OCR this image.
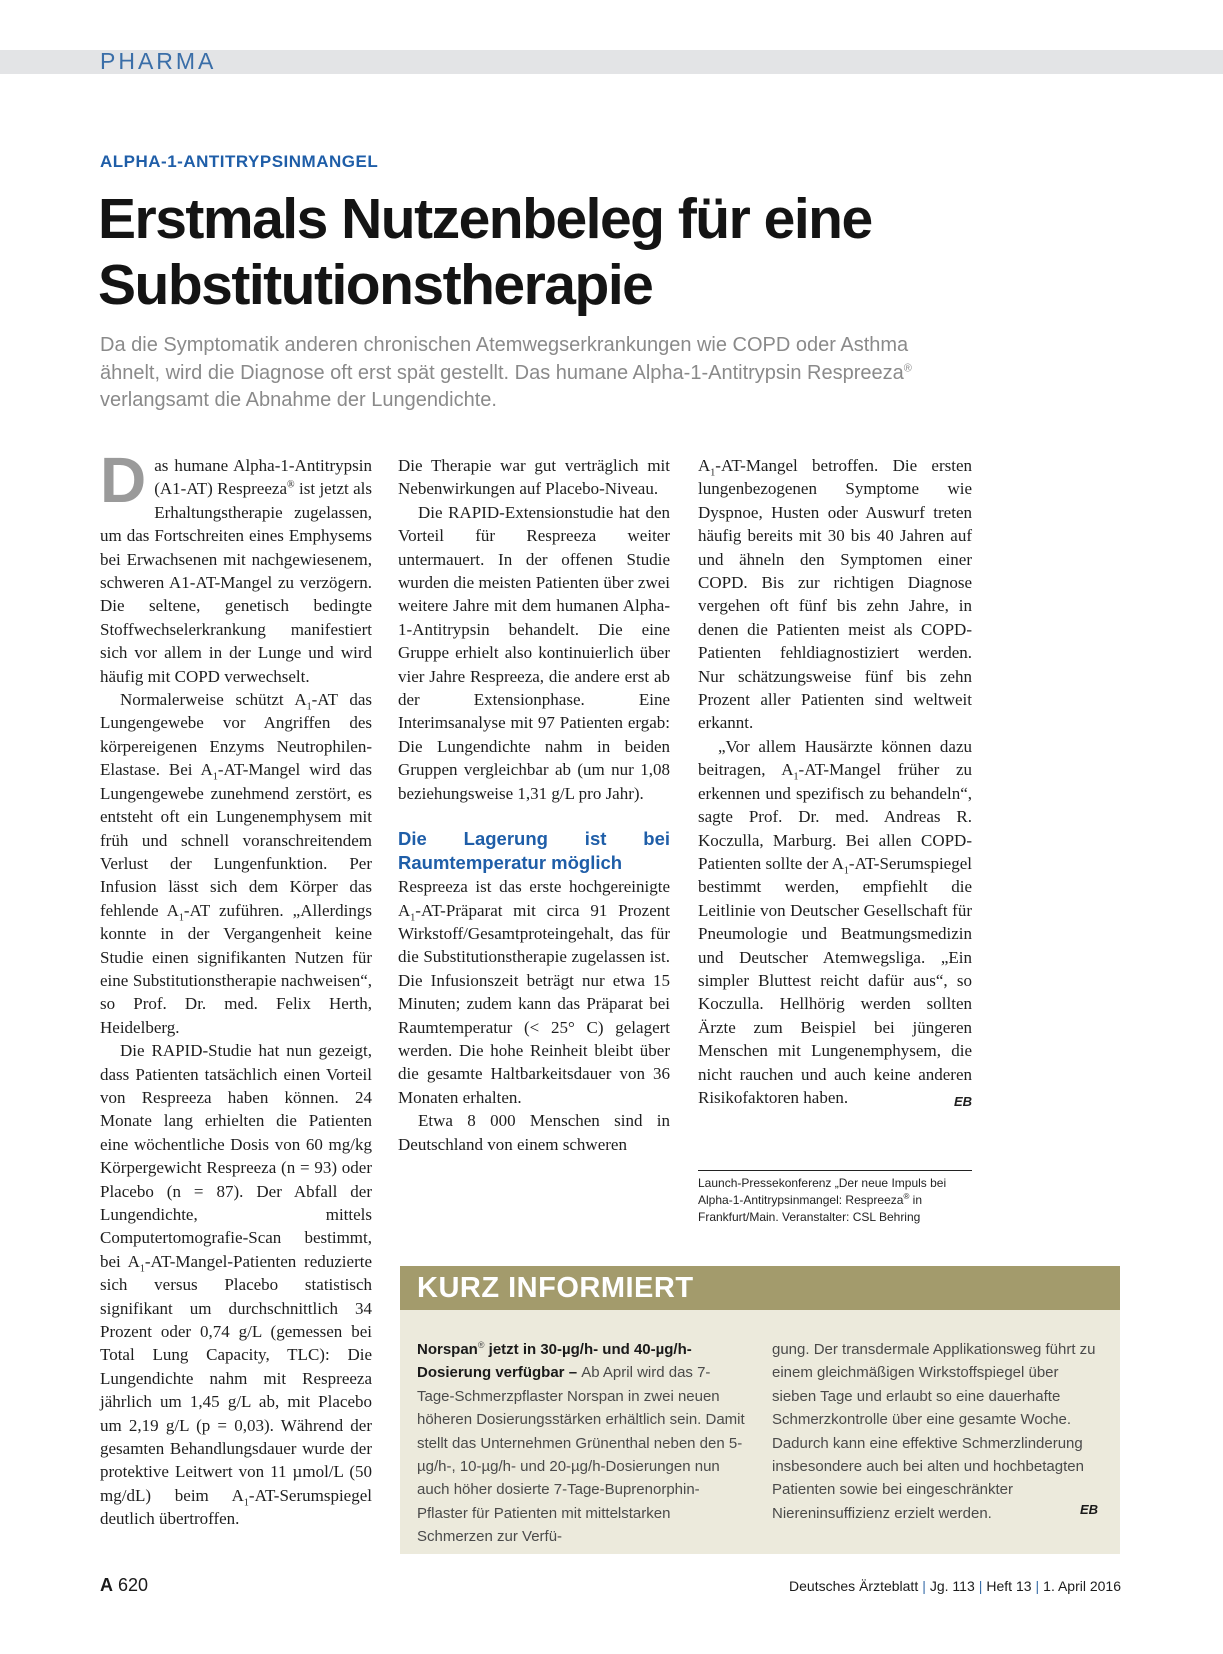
PHARMA
ALPHA-1-ANTITRYPSINMANGEL
Erstmals Nutzenbeleg für eine
Substitutionstherapie

Da die Symptomatik anderen chronischen Atemwegserkrankungen wie COPD oder Asthma ähnelt, wird die Diagnose oft erst spät gestellt. Das humane Alpha-1-Antitrypsin Respreeza® verlangsamt die Abnahme der Lungendichte.

Das humane Alpha-1-Antitrypsin (A1-AT) Respreeza® ist jetzt als Erhaltungstherapie zugelassen, um das Fortschreiten eines Emphysems bei Erwachsenen mit nachgewiesenem, schweren A1-AT-Mangel zu verzögern. Die seltene, genetisch bedingte Stoffwechselerkrankung manifestiert sich vor allem in der Lunge und wird häufig mit COPD verwechselt.

Normalerweise schützt $A_1-AT$ das Lungengewebe vor Angriffen des körpereigenen Enzyms Neutrophilen-Elastase. Bei $A_1-AT$-Mangel wird das Lungengewebe zunehmend zerstört, es entsteht oft ein Lungenemphysem mit früh und schnell voranschreitendem Verlust der Lungenfunktion. Per Infusion lässt sich dem Körper das fehlende $A_1-AT$ zuführen. „Allerdings konnte in der Vergangenheit keine Studie einen signifikanten Nutzen für eine Substitutionstherapie nachweisen“, so Prof. Dr. med. Felix Herth, Heidelberg.

Die RAPID-Studie hat nun gezeigt, dass Patienten tatsächlich einen Vorteil von Respreeza haben können. 24 Monate lang erhielten die Patienten eine wöchentliche Dosis von 60 mg/kg Körpergewicht Respreeza (n = 93) oder Placebo (n = 87). Der Abfall der Lungendichte, mittels Computertomografie-Scan bestimmt, bei $A_1-AT-Mangel$-Patienten reduzierte sich versus Placebo statistisch signifikant um durchschnittlich 34 Prozent oder 0,74 g/L (gemessen bei Total Lung Capacity, TLC): Die Lungendichte nahm mit Respreeza jährlich um 1,45 g/L ab, mit Placebo um 2,19 g/L (p = 0,03). Während der gesamten Behandlungsdauer wurde der protektive Leitwert von 11 µmol/L (50 mg/dL) beim $A_1-AT$-Serumspiegel deutlich übertroffen.

Die Therapie war gut verträglich mit Nebenwirkungen auf Placebo-Niveau.

Die RAPID-Extensionstudie hat den Vorteil für Respreeza weiter untermauert. In der offenen Studie wurden die meisten Patienten über zwei weitere Jahre mit dem humanen Alpha-1-Antitrypsin behandelt. Die eine Gruppe erhielt also kontinuierlich über vier Jahre Respreeza, die andere erst ab der Extensionphase. Eine Interimsanalyse mit 97 Patienten ergab: Die Lungendichte nahm in beiden Gruppen vergleichbar ab (um nur 1,08 beziehungsweise 1,31 g/L pro Jahr).

Die Lagerung ist bei Raumtemperatur möglich

Respreeza ist das erste hochgereinigte $A_1-AT$-Präparat mit circa 91 Prozent Wirkstoff/Gesamtproteingehalt, das für die Substitutionstherapie zugelassen ist. Die Infusionszeit beträgt nur etwa 15 Minuten; zudem kann das Präparat bei Raumtemperatur (< 25° C) gelagert werden. Die hohe Reinheit bleibt über die gesamte Haltbarkeitsdauer von 36 Monaten erhalten.

Etwa 8 000 Menschen sind in Deutschland von einem schweren

$A_1-AT$-Mangel betroffen. Die ersten lungenbezogenen Symptome wie Dyspnoe, Husten oder Auswurf treten häufig bereits mit 30 bis 40 Jahren auf und ähneln den Symptomen einer COPD. Bis zur richtigen Diagnose vergehen oft fünf bis zehn Jahre, in denen die Patienten meist als COPD-Patienten fehldiagnostiziert werden. Nur schätzungsweise fünf bis zehn Prozent aller Patienten sind weltweit erkannt.

„Vor allem Hausärzte können dazu beitragen, $A_1-AT$-Mangel früher zu erkennen und spezifisch zu behandeln“, sagte Prof. Dr. med. Andreas R. Koczulla, Marburg. Bei allen COPD-Patienten sollte der $A_1-AT$-Serumspiegel bestimmt werden, empfiehlt die Leitlinie von Deutscher Gesellschaft für Pneumologie und Beatmungsmedizin und Deutscher Atemwegsliga. „Ein simpler Bluttest reicht dafür aus“, so Koczulla. Hellhörig werden sollten Ärzte zum Beispiel bei jüngeren Menschen mit Lungenemphysem, die nicht rauchen und auch keine anderen Risikofaktoren haben.	EB

Launch-Pressekonferenz „Der neue Impuls bei Alpha-1-Antitrypsinmangel: Respreeza® in Frankfurt/Main. Veranstalter: CSL Behring
KURZ INFORMIERT

Norspan® jetzt in 30-µg/h- und 40-µg/h-Dosierung verfügbar – Ab April wird das 7-Tage-Schmerzpflaster Norspan in zwei neuen höheren Dosierungsstärken erhältlich sein. Damit stellt das Unternehmen Grünenthal neben den 5-µg/h-, 10-µg/h- und 20-µg/h-Dosierungen nun auch höher dosierte 7-Tage-Buprenorphin-Pflaster für Patienten mit mittelstarken Schmerzen zur Verfü-

gung. Der transdermale Applikationsweg führt zu einem gleichmäßigen Wirkstoffspiegel über sieben Tage und erlaubt so eine dauerhafte Schmerzkontrolle über eine gesamte Woche. Dadurch kann eine effektive Schmerzlinderung insbesondere auch bei alten und hochbetagten Patienten sowie bei eingeschränkter Niereninsuffizienz erzielt werden.	EB
A 620	Deutsches Ärzteblatt | Jg. 113 | Heft 13 | 1. April 2016
